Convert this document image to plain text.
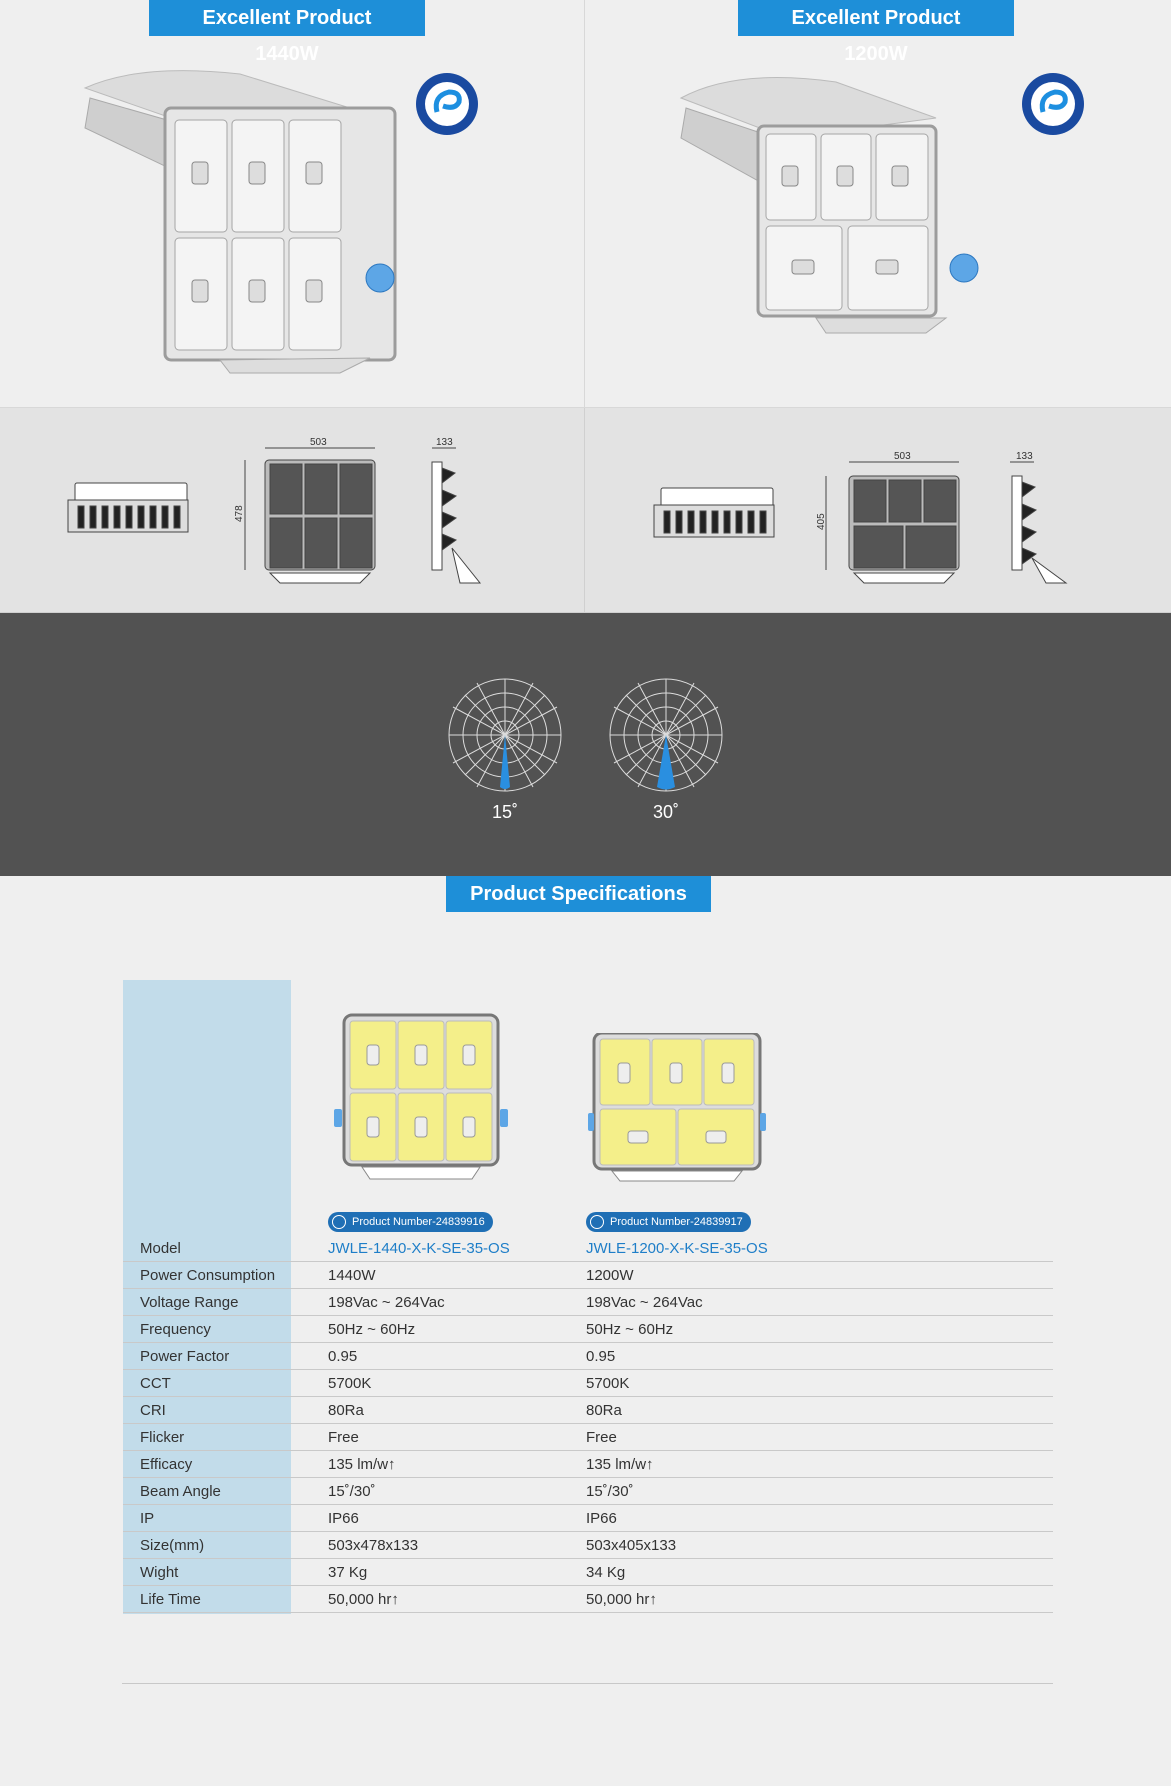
Excellent Product 1440W
Excellent Product 1200W
503
478
133
503
405
133
15˚	30˚
Product Specifications
Product Number-24839916	Product Number-24839917
Model	JWLE-1440-X-K-SE-35-OS	JWLE-1200-X-K-SE-35-OS
Power Consumption	1440W	1200W
Voltage Range	198Vac ~ 264Vac	198Vac ~ 264Vac
Frequency	50Hz ~ 60Hz	50Hz ~ 60Hz
Power Factor	0.95	0.95
CCT	5700K	5700K
CRI	80Ra	80Ra
Flicker	Free	Free
Efficacy	135 lm/w↑	135 lm/w↑
Beam Angle	15˚/30˚	15˚/30˚
IP	IP66	IP66
Size(mm)	503x478x133	503x405x133
Wight	37 Kg	34 Kg
Life Time	50,000 hr↑	50,000 hr↑
